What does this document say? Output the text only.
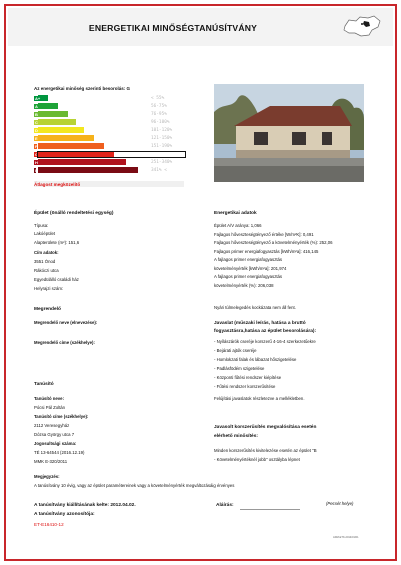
ENERGETIKAI MINŐSÉGTANÚSÍTVÁNY
Az energetikai minőség szerinti besorolás: G
A+	< 55%
A	56-75%
B	76-95%
C	96-100%
D	101-120%
E	121-150%
F	151-190%
G	191-250%
H	251-340%
I	341% <
Átlagost megközelítő
Épület (önálló rendeltetési egység)
Típusa:
Lakóépület
Alapterülete (m²): 151,6
Cím adatok:
3551 Ónod
Rákóczi utca
Egyedülálló családi ház
Helyrajzi szám:
Energetikai adatok
Épület A/V aránya: 1,066
Fajlagos hőveszteségtényező értéke [W/m²K]: 0,491
Fajlagos hőveszteségtényező a követelményérték (%): 252,06
Fajlagos primer energiafogyasztás [kWh/m²a]: 416,145
A fajlagos primer energiafogyasztás
követelményérték [kWh/m²a]: 201,974
A fajlagos primer energiafogyasztás
követelményérték (%): 206,038
Megrendelő
Megrendelő neve (elnevezése):
Megrendelő címe (székhelye):
Nyári túlmelegedés kockázata nem áll fent.
Javaslat (műszaki leírás, hatása a bruttó
fogyasztásra,hatása az épület besorolására):
- Nyílászárók cseréje korszerű 4-16-4 szerkezetűekre
- Bejárati ajtók cseréje
- Homlokzati falak és lábazat hőszigetelése
- Padlásfödém szigetelése
- Központi fűtési rendszer kiépítése
- Fűtési rendszer korszerűsítése
Felújítási javaslatok részletezve a mellékletben.
Tanúsító
Tanúsító neve:
Pócsi Pál Zoltán
Tanúsító címe (székhelye):
2112 Veresegyház
Dózsa György utca 7
Jogosultsági száma:
TÉ 13-64544 (2016.12.19)
MMK E-320/2011
Javasolt korszerűsítés megvalósítása esetén
elérhető minősítés:
Minden korszerűsítés kivitelezése esetén az épület "B
- Követelményértéknél jobb" osztályba lépnet
Megjegyzés:
A tanúsítvány 10 évig, vagy az épület paramétereinek vagy a követelményérték megváltozásáig érvényes
A tanúsítvány kiállításának kelte: 2012.04.02.
A tanúsítvány azonosítója:
ET-E16410-12
Aláírás:	(Pecsét helye)
ADM-ETK-2014/01/01
